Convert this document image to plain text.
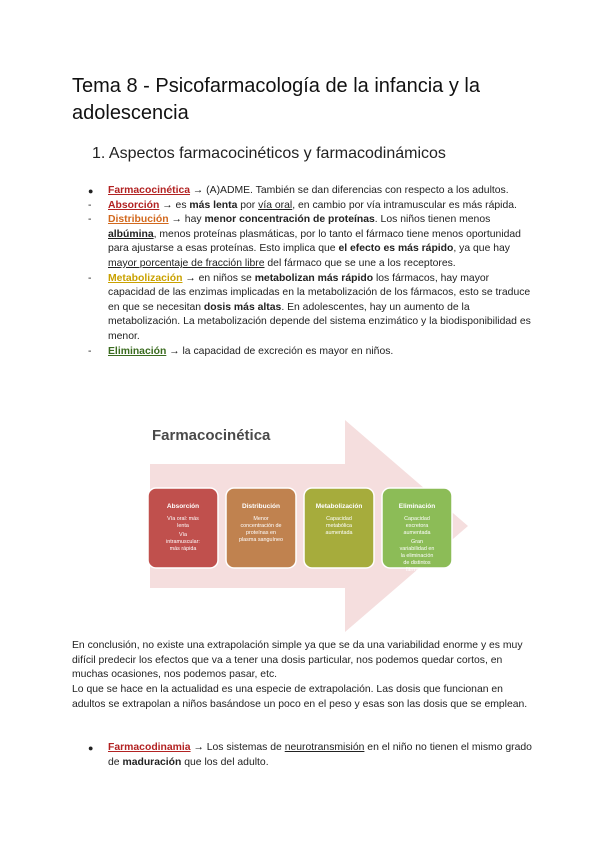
Tema 8 - Psicofarmacología de la infancia y la adolescencia
1. Aspectos farmacocinéticos y farmacodinámicos
●	Farmacocinética → (A)ADME. También se dan diferencias con respecto a los adultos.
-	Absorción → es más lenta por vía oral, en cambio por vía intramuscular es más rápida.
-	Distribución → hay menor concentración de proteínas. Los niños tienen menos albúmina, menos proteínas plasmáticas, por lo tanto el fármaco tiene menos oportunidad para ajustarse a esas proteínas. Esto implica que el efecto es más rápido, ya que hay mayor porcentaje de fracción libre del fármaco que se une a los receptores.
-	Metabolización → en niños se metabolizan más rápido los fármacos, hay mayor capacidad de las enzimas implicadas en la metabolización de los fármacos, esto se traduce en que se necesitan dosis más altas. En adolescentes, hay un aumento de la metabolización. La metabolización depende del sistema enzimático y la biodisponibilidad es menor.
-	Eliminación → la capacidad de excreción es mayor en niños.
Farmacocinética
Absorción
Vía oral: más lenta
Vía intramuscular: más rápida
Distribución
Menor concentración de proteínas en plasma sanguíneo
Metabolización
Capacidad metabólica aumentada
Eliminación
Capacidad excretora aumentada
Gran variabilidad en la eliminación de distintos fármacos
En conclusión, no existe una extrapolación simple ya que se da una variabilidad enorme y es muy difícil predecir los efectos que va a tener una dosis particular, nos podemos quedar cortos, en muchas ocasiones, nos podemos pasar, etc.
Lo que se hace en la actualidad es una especie de extrapolación. Las dosis que funcionan en adultos se extrapolan a niños basándose un poco en el peso y esas son las dosis que se emplean.
●	Farmacodinamia → Los sistemas de neurotransmisión en el niño no tienen el mismo grado de maduración que los del adulto.
